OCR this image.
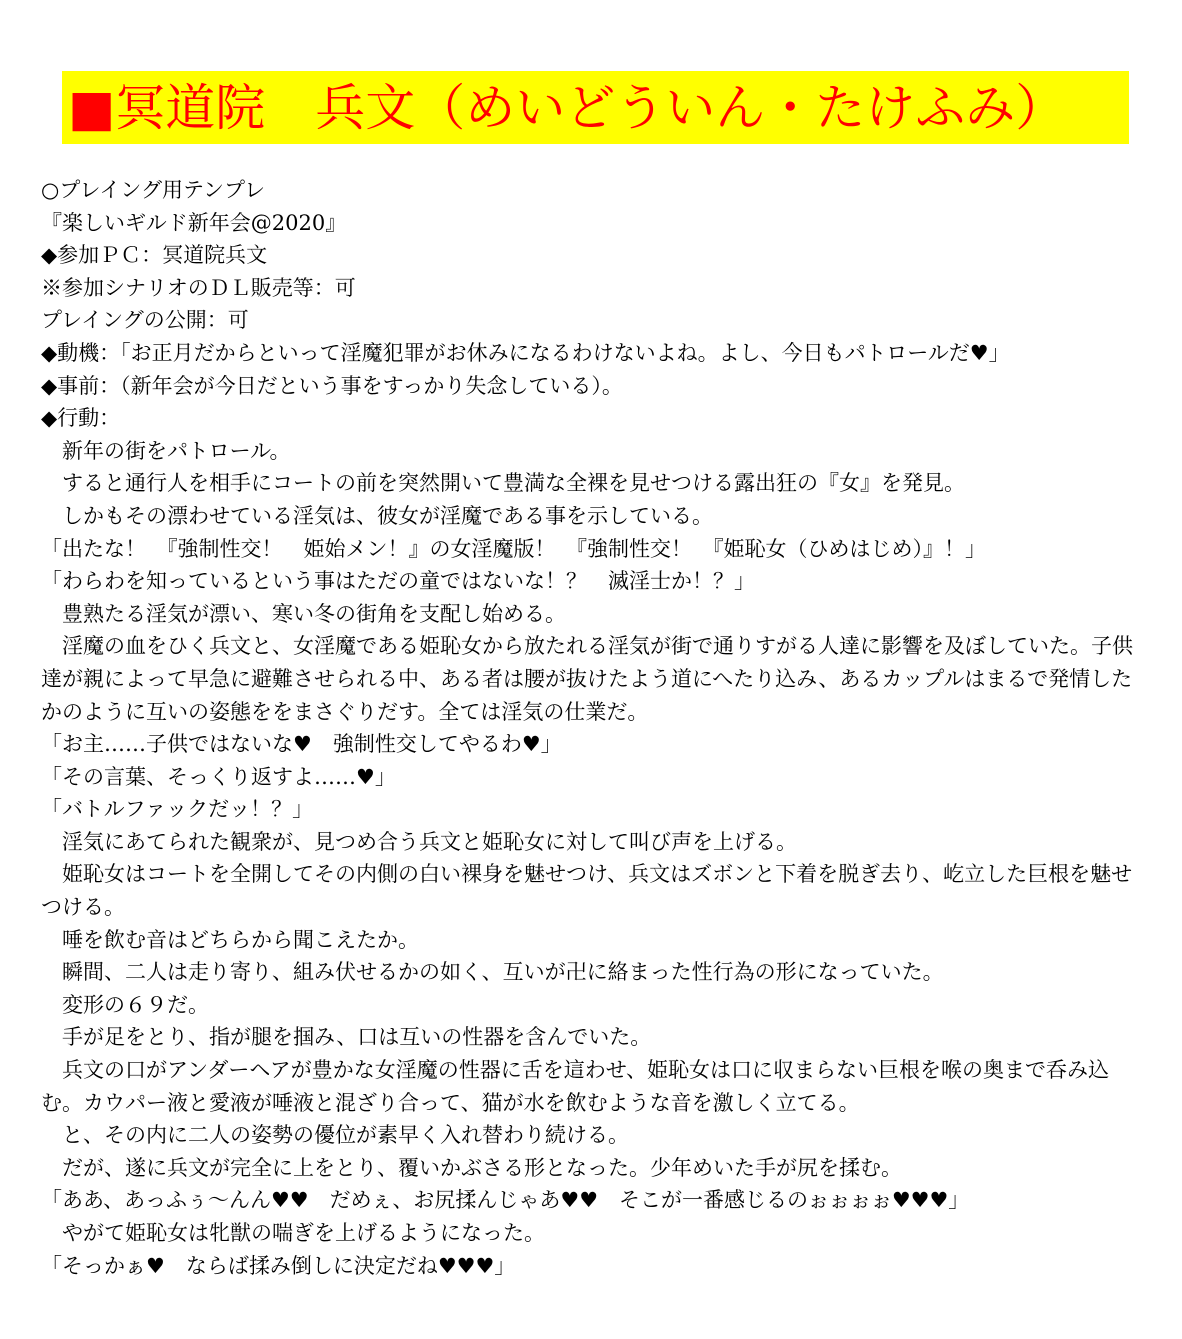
■ 冥道院　兵文（めいどういん・たけふみ）

○プレイング用テンプレ

『楽しいギルド新年会@2020』

◆参加ＰＣ：冥道院兵文

※参加シナリオのＤＬ販売等：可

プレイングの公開：可

◆動機：「お正月だからといって淫魔犯罪がお休みになるわけないよね。よし、今日もパトロールだ♥」

◆事前：（新年会が今日だという事をすっかり失念している）。

◆行動：

　新年の街をパトロール。

　すると通行人を相手にコートの前を突然開いて豊満な全裸を見せつける露出狂の『女』を発見。

　しかもその漂わせている淫気は、彼女が淫魔である事を示している。

「出たな！　『強制性交！　姫始メン！』の女淫魔版！　『強制性交！　『姫恥女（ひめはじめ）』！」

「わらわを知っているという事はただの童ではないな！？　滅淫士か！？」

　豊熟たる淫気が漂い、寒い冬の街角を支配し始める。

　淫魔の血をひく兵文と、女淫魔である姫恥女から放たれる淫気が街で通りすがる人達に影響を及ぼしていた。子供達が親によって早急に避難させられる中、ある者は腰が抜けたよう道にへたり込み、あるカップルはまるで発情したかのように互いの姿態ををまさぐりだす。全ては淫気の仕業だ。

「お主……子供ではないな♥　強制性交してやるわ♥」

「その言葉、そっくり返すよ……♥」

「バトルファックだッ！？」

　淫気にあてられた観衆が、見つめ合う兵文と姫恥女に対して叫び声を上げる。

　姫恥女はコートを全開してその内側の白い裸身を魅せつけ、兵文はズボンと下着を脱ぎ去り、屹立した巨根を魅せつける。

　唾を飲む音はどちらから聞こえたか。

　瞬間、二人は走り寄り、組み伏せるかの如く、互いが卍に絡まった性行為の形になっていた。

　変形の６９だ。

　手が足をとり、指が腿を掴み、口は互いの性器を含んでいた。

　兵文の口がアンダーヘアが豊かな女淫魔の性器に舌を這わせ、姫恥女は口に収まらない巨根を喉の奥まで呑み込む。カウパー液と愛液が唾液と混ざり合って、猫が水を飲むような音を激しく立てる。

　と、その内に二人の姿勢の優位が素早く入れ替わり続ける。

　だが、遂に兵文が完全に上をとり、覆いかぶさる形となった。少年めいた手が尻を揉む。

「ああ、あっふぅ～んん♥♥　だめぇ、お尻揉んじゃあ♥♥　そこが一番感じるのぉぉぉぉ♥♥♥」

　やがて姫恥女は牝獣の喘ぎを上げるようになった。

「そっかぁ♥　ならば揉み倒しに決定だね♥♥♥」
